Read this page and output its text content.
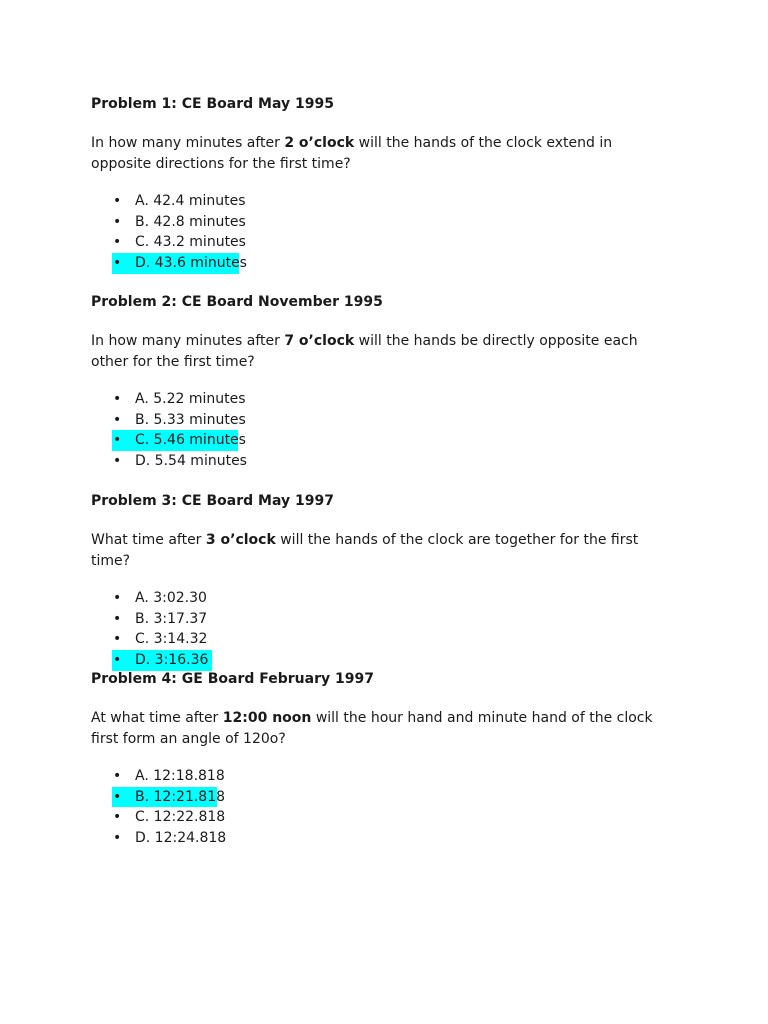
Problem 1: CE Board May 1995

In how many minutes after 2 o’clock will the hands of the clock extend in opposite directions for the first time?

• A. 42.4 minutes
• B. 42.8 minutes
• C. 43.2 minutes
• D. 43.6 minutes
Problem 2: CE Board November 1995

In how many minutes after 7 o’clock will the hands be directly opposite each other for the first time?

• A. 5.22 minutes
• B. 5.33 minutes
• C. 5.46 minutes
• D. 5.54 minutes
Problem 3: CE Board May 1997

What time after 3 o’clock will the hands of the clock are together for the first time?

• A. 3:02.30
• B. 3:17.37
• C. 3:14.32
• D. 3:16.36
Problem 4: GE Board February 1997

At what time after 12:00 noon will the hour hand and minute hand of the clock first form an angle of 120o?

• A. 12:18.818
• B. 12:21.818
• C. 12:22.818
• D. 12:24.818
